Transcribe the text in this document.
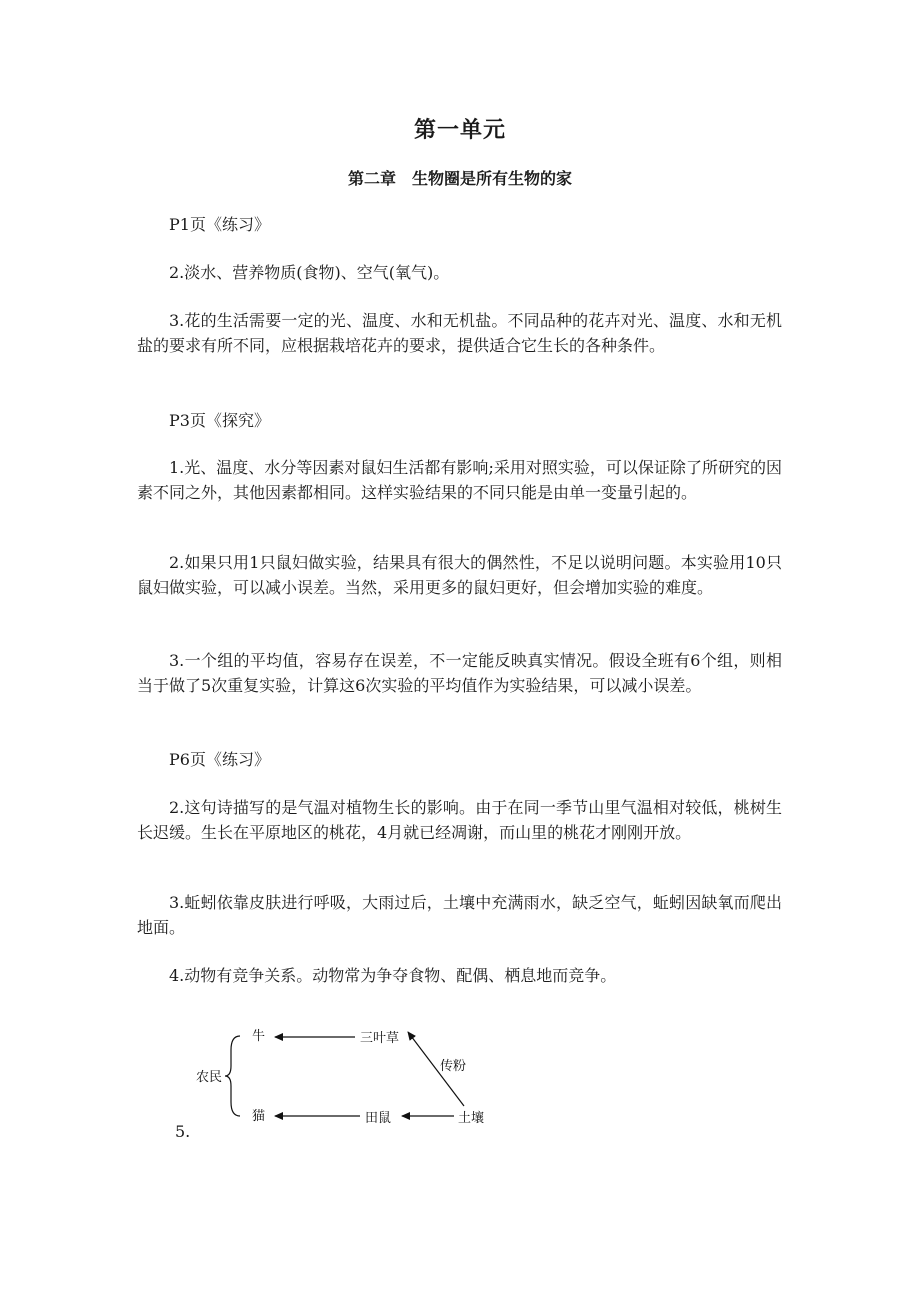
第一单元
第二章　生物圈是所有生物的家

P1页《练习》

2.淡水、营养物质(食物)、空气(氧气)。

3.花的生活需要一定的光、温度、水和无机盐。不同品种的花卉对光、温度、水和无机盐的要求有所不同，应根据栽培花卉的要求，提供适合它生长的各种条件。

P3页《探究》

1.光、温度、水分等因素对鼠妇生活都有影响;采用对照实验，可以保证除了所研究的因素不同之外，其他因素都相同。这样实验结果的不同只能是由单一变量引起的。

2.如果只用1只鼠妇做实验，结果具有很大的偶然性，不足以说明问题。本实验用10只鼠妇做实验，可以减小误差。当然，采用更多的鼠妇更好，但会增加实验的难度。

3.一个组的平均值，容易存在误差，不一定能反映真实情况。假设全班有6个组，则相当于做了5次重复实验，计算这6次实验的平均值作为实验结果，可以减小误差。

P6页《练习》

2.这句诗描写的是气温对植物生长的影响。由于在同一季节山里气温相对较低，桃树生长迟缓。生长在平原地区的桃花，4月就已经凋谢，而山里的桃花才刚刚开放。

3.蚯蚓依靠皮肤进行呼吸，大雨过后，土壤中充满雨水，缺乏空气，蚯蚓因缺氧而爬出地面。

4.动物有竞争关系。动物常为争夺食物、配偶、栖息地而竞争。

农民
牛
猫
三叶草
田鼠	土壤
传粉
5.
